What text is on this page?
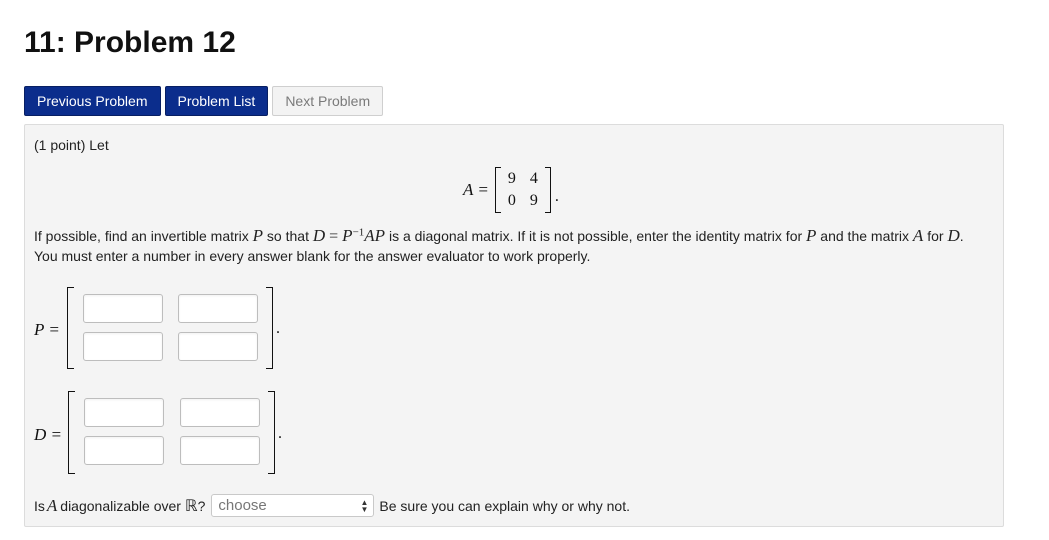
11: Problem 12
Previous Problem	Problem List	Next Problem
(1 point) Let
A =
9 4
0 9	.
If possible, find an invertible matrix P so that $D = P^{-1}AP$ is a diagonal matrix. If it is not possible, enter the identity matrix for P and the matrix A for D.
You must enter a number in every answer blank for the answer evaluator to work properly.
P =	.
D =	.
Is A diagonalizable over ℝ ? choose	▲
▼ Be sure you can explain why or why not.
